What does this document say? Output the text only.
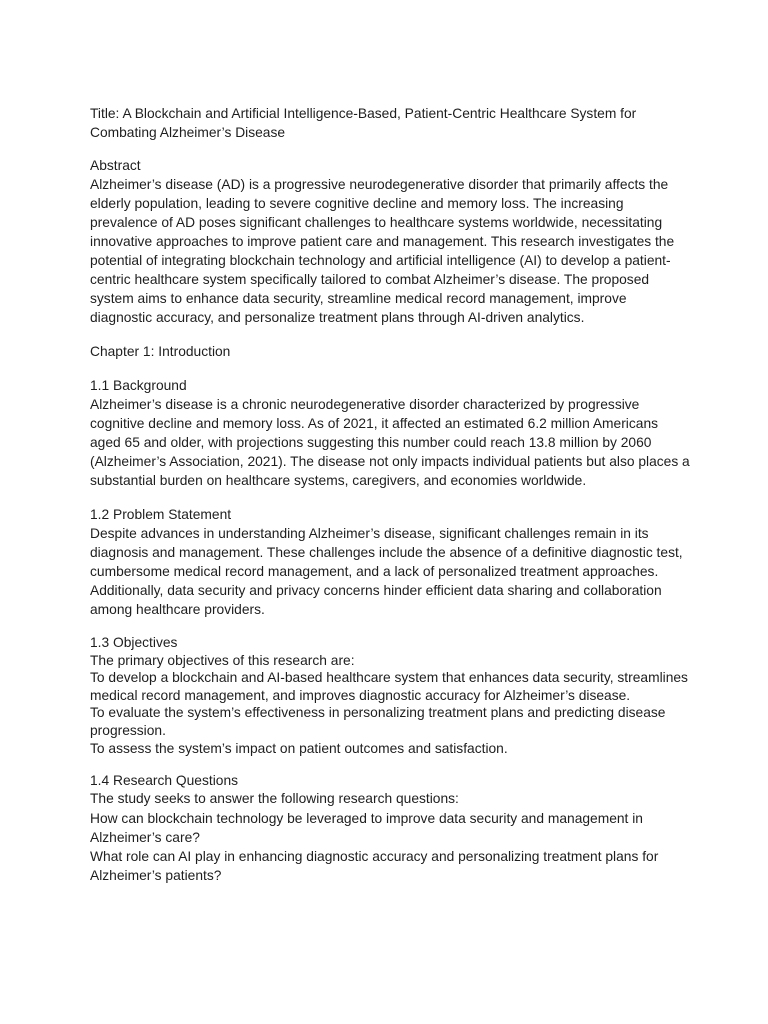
Title: A Blockchain and Artificial Intelligence-Based, Patient-Centric Healthcare System for Combating Alzheimer’s Disease

Abstract

Alzheimer’s disease (AD) is a progressive neurodegenerative disorder that primarily affects the elderly population, leading to severe cognitive decline and memory loss. The increasing prevalence of AD poses significant challenges to healthcare systems worldwide, necessitating innovative approaches to improve patient care and management. This research investigates the potential of integrating blockchain technology and artificial intelligence (AI) to develop a patient-centric healthcare system specifically tailored to combat Alzheimer’s disease. The proposed system aims to enhance data security, streamline medical record management, improve diagnostic accuracy, and personalize treatment plans through AI-driven analytics.

Chapter 1: Introduction

1.1 Background

Alzheimer’s disease is a chronic neurodegenerative disorder characterized by progressive cognitive decline and memory loss. As of 2021, it affected an estimated 6.2 million Americans aged 65 and older, with projections suggesting this number could reach 13.8 million by 2060 (Alzheimer’s Association, 2021). The disease not only impacts individual patients but also places a substantial burden on healthcare systems, caregivers, and economies worldwide.

1.2 Problem Statement

Despite advances in understanding Alzheimer’s disease, significant challenges remain in its diagnosis and management. These challenges include the absence of a definitive diagnostic test, cumbersome medical record management, and a lack of personalized treatment approaches. Additionally, data security and privacy concerns hinder efficient data sharing and collaboration among healthcare providers.

1.3 Objectives

The primary objectives of this research are:

To develop a blockchain and AI-based healthcare system that enhances data security, streamlines medical record management, and improves diagnostic accuracy for Alzheimer’s disease.

To evaluate the system’s effectiveness in personalizing treatment plans and predicting disease progression.

To assess the system’s impact on patient outcomes and satisfaction.

1.4 Research Questions

The study seeks to answer the following research questions:

How can blockchain technology be leveraged to improve data security and management in Alzheimer’s care?

What role can AI play in enhancing diagnostic accuracy and personalizing treatment plans for Alzheimer’s patients?
